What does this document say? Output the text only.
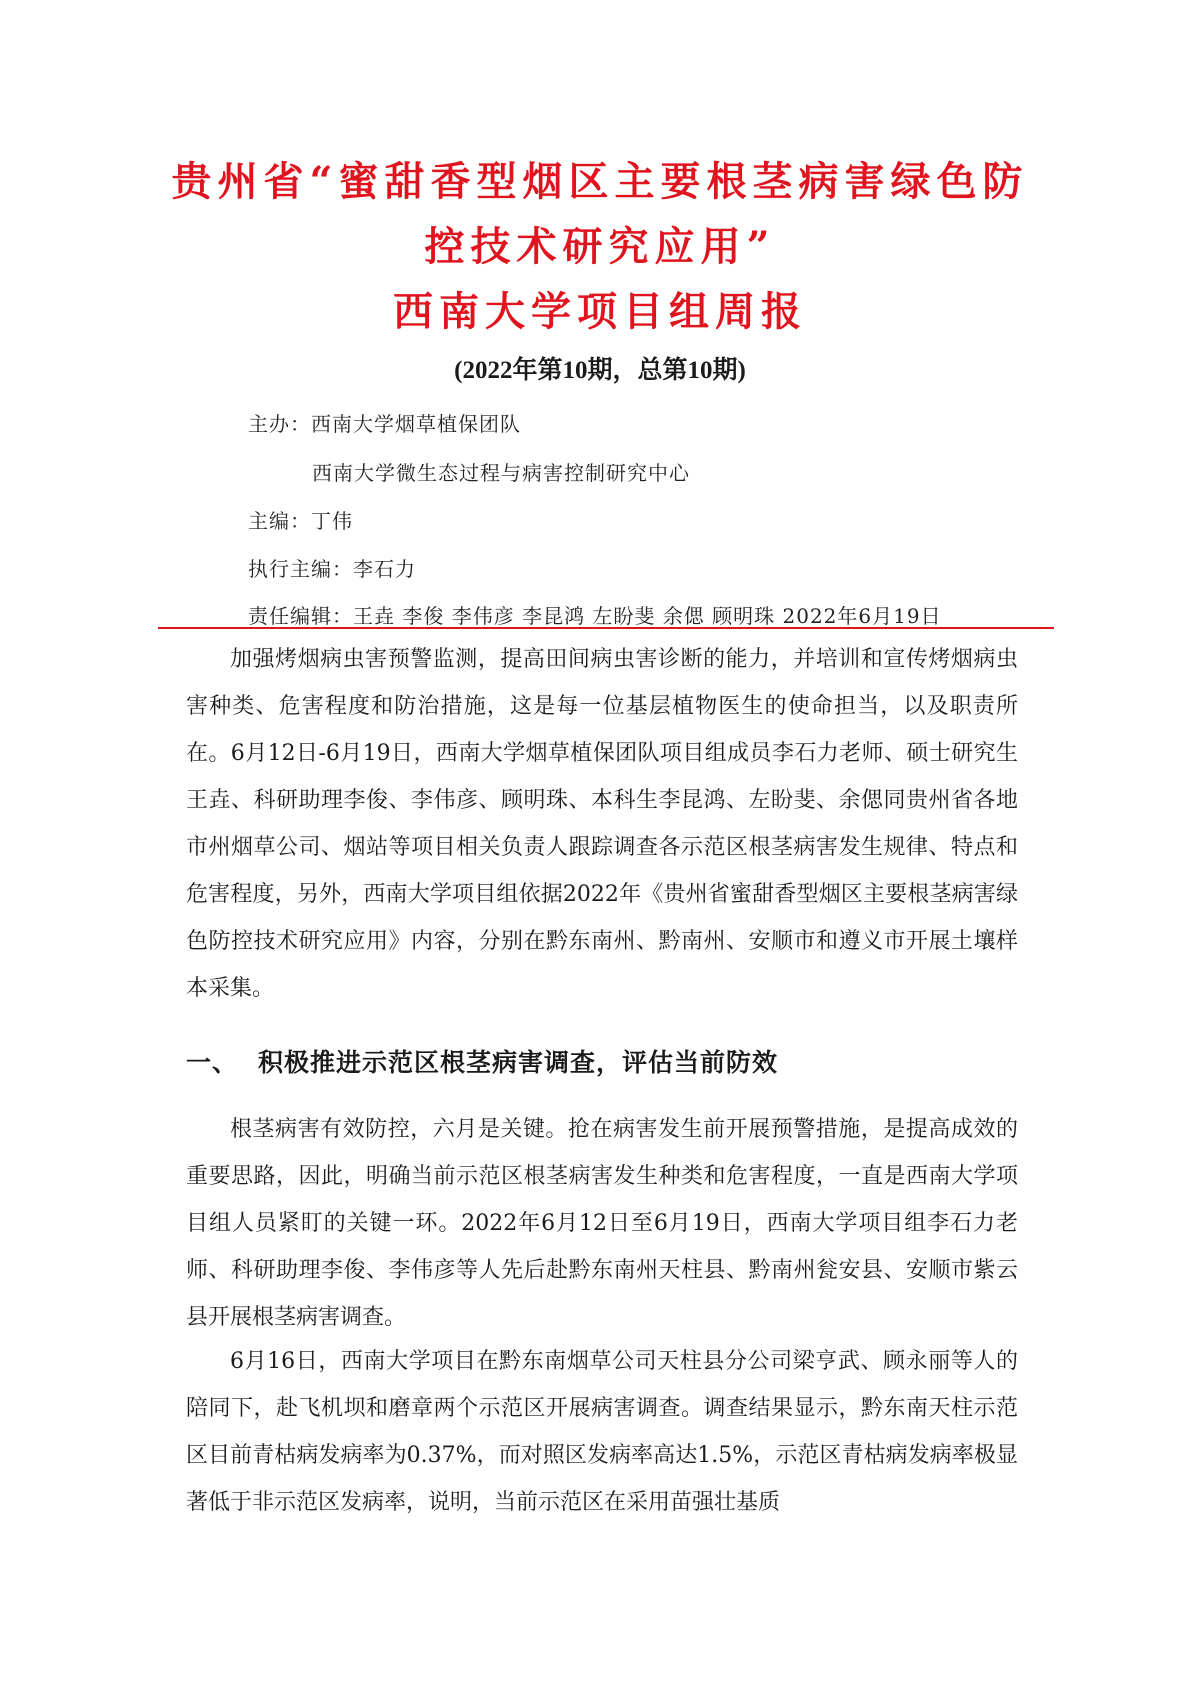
贵州省“蜜甜香型烟区主要根茎病害绿色防
控技术研究应用”
西南大学项目组周报
(2022年第10期，总第10期)
主办：西南大学烟草植保团队
西南大学微生态过程与病害控制研究中心
主编：丁伟
执行主编：李石力
责任编辑：王垚 李俊 李伟彦 李昆鸿 左盼斐 余偲 顾明珠 2022年6月19日

加强烤烟病虫害预警监测，提高田间病虫害诊断的能力，并培训和宣传烤烟病虫害种类、危害程度和防治措施，这是每一位基层植物医生的使命担当，以及职责所在。6月12日-6月19日，西南大学烟草植保团队项目组成员李石力老师、硕士研究生王垚、科研助理李俊、李伟彦、顾明珠、本科生李昆鸿、左盼斐、余偲同贵州省各地市州烟草公司、烟站等项目相关负责人跟踪调查各示范区根茎病害发生规律、特点和危害程度，另外，西南大学项目组依据2022年《贵州省蜜甜香型烟区主要根茎病害绿色防控技术研究应用》内容，分别在黔东南州、黔南州、安顺市和遵义市开展土壤样本采集。

一、 积极推进示范区根茎病害调查，评估当前防效

根茎病害有效防控，六月是关键。抢在病害发生前开展预警措施，是提高成效的重要思路，因此，明确当前示范区根茎病害发生种类和危害程度，一直是西南大学项目组人员紧盯的关键一环。2022年6月12日至6月19日，西南大学项目组李石力老师、科研助理李俊、李伟彦等人先后赴黔东南州天柱县、黔南州瓮安县、安顺市紫云县开展根茎病害调查。

6月16日，西南大学项目在黔东南烟草公司天柱县分公司梁亨武、顾永丽等人的陪同下，赴飞机坝和磨章两个示范区开展病害调查。调查结果显示，黔东南天柱示范区目前青枯病发病率为0.37%，而对照区发病率高达1.5%，示范区青枯病发病率极显著低于非示范区发病率，说明，当前示范区在采用苗强壮基质
